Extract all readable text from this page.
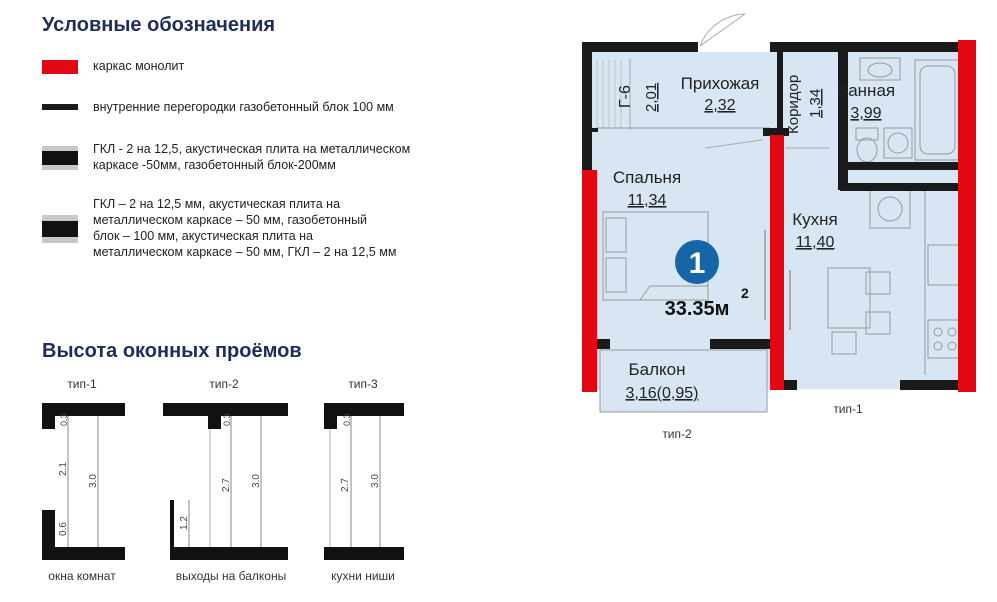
Условные обозначения
каркас монолит
внутренние перегородки газобетонный блок 100 мм
ГКЛ - 2 на 12,5, акустическая плита на металлическом
каркасе -50мм, газобетонный блок-200мм
ГКЛ – 2 на 12,5 мм, акустическая плита на
металлическом каркасе – 50 мм, газобетонный
блок – 100 мм, акустическая плита на
металлическом каркасе – 50 мм, ГКЛ – 2 на 12,5 мм
Высота оконных проёмов
тип-1
0.3
2.1
0.6
3.0
окна комнат
тип-2
0.3
2.7
1.2
3.0
выходы на балконы
тип-3
0.3
2.7 3.0
кухни ниши
Г-6 2,01 Прихожая
2,32	Коридор 1,34 Ванная
3,99
Спальня
11,34
Кухня
11,40
Балкон
3,16(0,95)
1
33.35м
2
тип-2
тип-1
